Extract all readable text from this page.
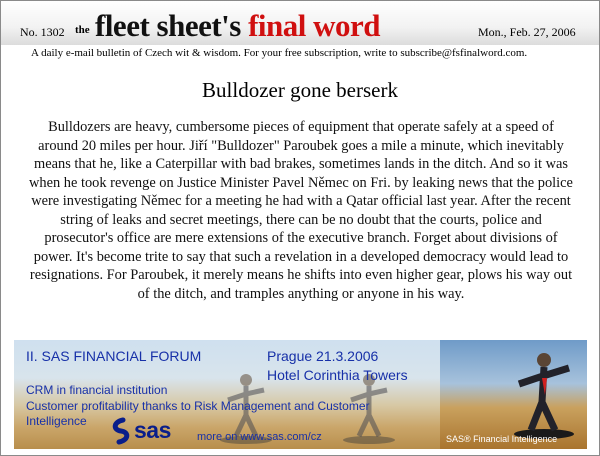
No. 1302 the fleet sheet's final word	Mon., Feb. 27, 2006
A daily e-mail bulletin of Czech wit & wisdom. For your free subscription, write to subscribe@fsfinalword.com.
Bulldozer gone berserk
Bulldozers are heavy, cumbersome pieces of equipment that operate safely at a speed of around 20 miles per hour. Jiří "Bulldozer" Paroubek goes a mile a minute, which inevitably means that he, like a Caterpillar with bad brakes, sometimes lands in the ditch. And so it was when he took revenge on Justice Minister Pavel Němec on Fri. by leaking news that the police were investigating Němec for a meeting he had with a Qatar official last year. After the recent string of leaks and secret meetings, there can be no doubt that the courts, police and prosecutor's office are mere extensions of the executive branch. Forget about divisions of power. It's become trite to say that such a revelation in a developed democracy would lead to resignations. For Paroubek, it merely means he shifts into even higher gear, plows his way out of the ditch, and tramples anything or anyone in his way.
II. SAS FINANCIAL FORUM	Prague 21.3.2006
Hotel Corinthia Towers
CRM in financial institution
Customer profitability thanks to Risk Management and Customer
Intelligence sas more on www.sas.com/cz	SAS® Financial Intelligence
